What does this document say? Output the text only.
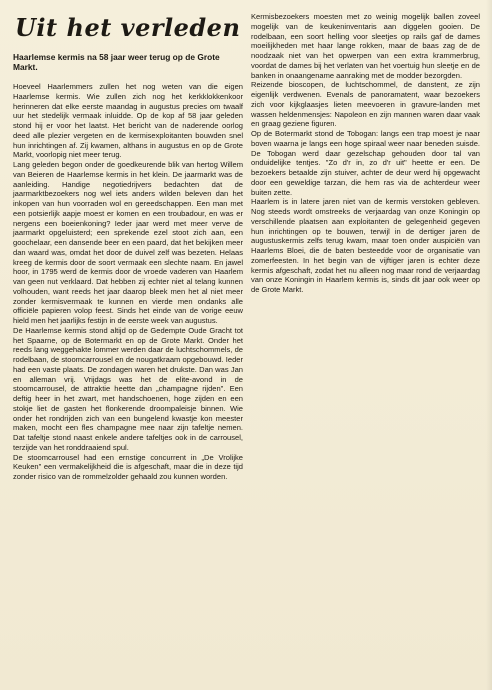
Uit het verleden
Haarlemse kermis na 58 jaar weer terug op de Grote Markt.

Hoeveel Haarlemmers zullen het nog weten van die eigen Haarlemse kermis. Wie zullen zich nog het kerkklokkenkoor herinneren dat elke eerste maandag in augustus precies om twaalf uur het stedelijk vermaak inluidde. Op de kop af 58 jaar geleden stond hij er voor het laatst. Het bericht van de naderende oorlog deed alle plezier vergeten en de kermisexploitanten bouwden snel hun inrichtingen af. Zij kwamen, althans in augustus en op de Grote Markt, voorlopig niet meer terug.

Lang geleden begon onder de goedkeurende blik van hertog Willem van Beieren de Haarlemse kermis in het klein. De jaarmarkt was de aanleiding. Handige negotiedrijvers bedachten dat de jaarmarktbezoekers nog wel iets anders wilden beleven dan het inkopen van hun voorraden wol en gereedschappen. Een man met een potsierlijk aapje moest er komen en een troubadour, en was er nergens een boeienkoning? Ieder jaar werd met meer verve de jaarmarkt opgeluisterd; een sprekende ezel stoot zich aan, een goochelaar, een dansende beer en een paard, dat het bekijken meer dan waard was, omdat het door de duivel zelf was bezeten. Helaas kreeg de kermis door de soort vermaak een slechte naam. En jawel hoor, in 1795 werd de kermis door de vroede vaderen van Haarlem van geen nut verklaard. Dat hebben zij echter niet al telang kunnen volhouden, want reeds het jaar daarop bleek men het al niet meer zonder kermisvermaak te kunnen en vierde men ondanks alle officiële papieren volop feest. Sinds het einde van de vorige eeuw hield men het jaarlijks festijn in de eerste week van augustus.

De Haarlemse kermis stond altijd op de Gedempte Oude Gracht tot het Spaarne, op de Botermarkt en op de Grote Markt. Onder het reeds lang weggehakte lommer werden daar de luchtschommels, de rodelbaan, de stoomcarrousel en de nougatkraam opgebouwd. Ieder had een vaste plaats. De zondagen waren het drukste. Dan was Jan en alleman vrij. Vrijdags was het de elite-avond in de stoomcarrousel, de attraktie heette dan „champagne rijden". Een deftig heer in het zwart, met handschoenen, hoge zijden en een stokje liet de gasten het flonkerende droompaleisje binnen. Wie onder het rondrijden zich van een bungelend kwastje kon meester maken, mocht een fles champagne mee naar zijn tafeltje nemen. Dat tafeltje stond naast enkele andere tafeltjes ook in de carrousel, terzijde van het ronddraaiend spul.

De stoomcarrousel had een ernstige concurrent in „De Vrolijke Keuken" een vermakelijkheid die is afgeschaft, maar die in deze tijd zonder risico van de rommelzolder gehaald zou kunnen worden.

Kermisbezoekers moesten met zo weinig mogelijk ballen zoveel mogelijk van de keukeninventaris aan diggelen gooien. De rodelbaan, een soort helling voor sleetjes op rails gaf de dames moeilijkheden met haar lange rokken, maar de baas zag de de noodzaak niet van het opwerpen van een extra krammerbrug, voordat de dames bij het verlaten van het voertuig hun sleetje en de banken in onaangename aanraking met de modder bezorgden.

Reizende bioscopen, de luchtschommel, de danstent, ze zijn eigenlijk verdwenen. Evenals de panoramatent, waar bezoekers zich voor kijkglaasjes lieten meevoeren in gravure-landen met wassen heldenmensjes: Napoleon en zijn mannen waren daar vaak en graag geziene figuren.

Op de Botermarkt stond de Tobogan: langs een trap moest je naar boven waarna je langs een hoge spiraal weer naar beneden suisde. De Tobogan werd daar gezelschap gehouden door tal van onduidelijke tentjes. "Zo d'r in, zo d'r uit" heette er een. De bezoekers betaalde zijn stuiver, achter de deur werd hij opgewacht door een geweldige tarzan, die hem ras via de achterdeur weer buiten zette.

Haarlem is in latere jaren niet van de kermis verstoken gebleven. Nog steeds wordt omstreeks de verjaardag van onze Koningin op verschillende plaatsen aan exploitanten de gelegenheid gegeven hun inrichtingen op te bouwen, terwijl in de dertiger jaren de augustuskermis zelfs terug kwam, maar toen onder auspiciën van Haarlems Bloei, die de baten besteedde voor de organisatie van zomerfeesten. In het begin van de vijftiger jaren is echter deze kermis afgeschaft, zodat het nu alleen nog maar rond de verjaardag van onze Koningin in Haarlem kermis is, sinds dit jaar ook weer op de Grote Markt.
